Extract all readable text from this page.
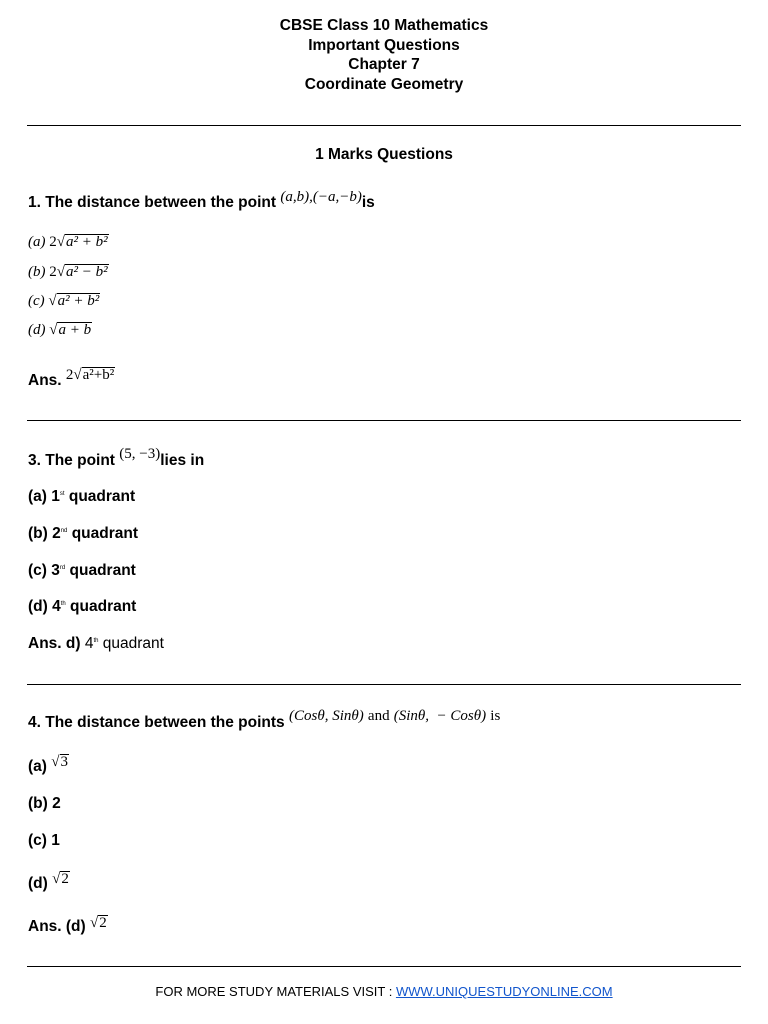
CBSE Class 10 Mathematics
Important Questions
Chapter 7
Coordinate Geometry
1 Marks Questions
1. The distance between the point (a,b),(−a,−b)is
(a) 2√a² + b²
(b) 2√a² − b²
(c) √a² + b²
(d) √a + b
Ans. 2√a²+b²
3. The point (5, −3)lies in
(a) 1st quadrant
(b) 2nd quadrant
(c) 3rd quadrant
(d) 4th quadrant
Ans. d) 4th quadrant
4. The distance between the points (Cosθ, Sinθ) and (Sinθ,  − Cosθ) is
(a) √3
(b) 2
(c) 1
(d) √2
Ans. (d) √2
FOR MORE STUDY MATERIALS VISIT : WWW.UNIQUESTUDYONLINE.COM
